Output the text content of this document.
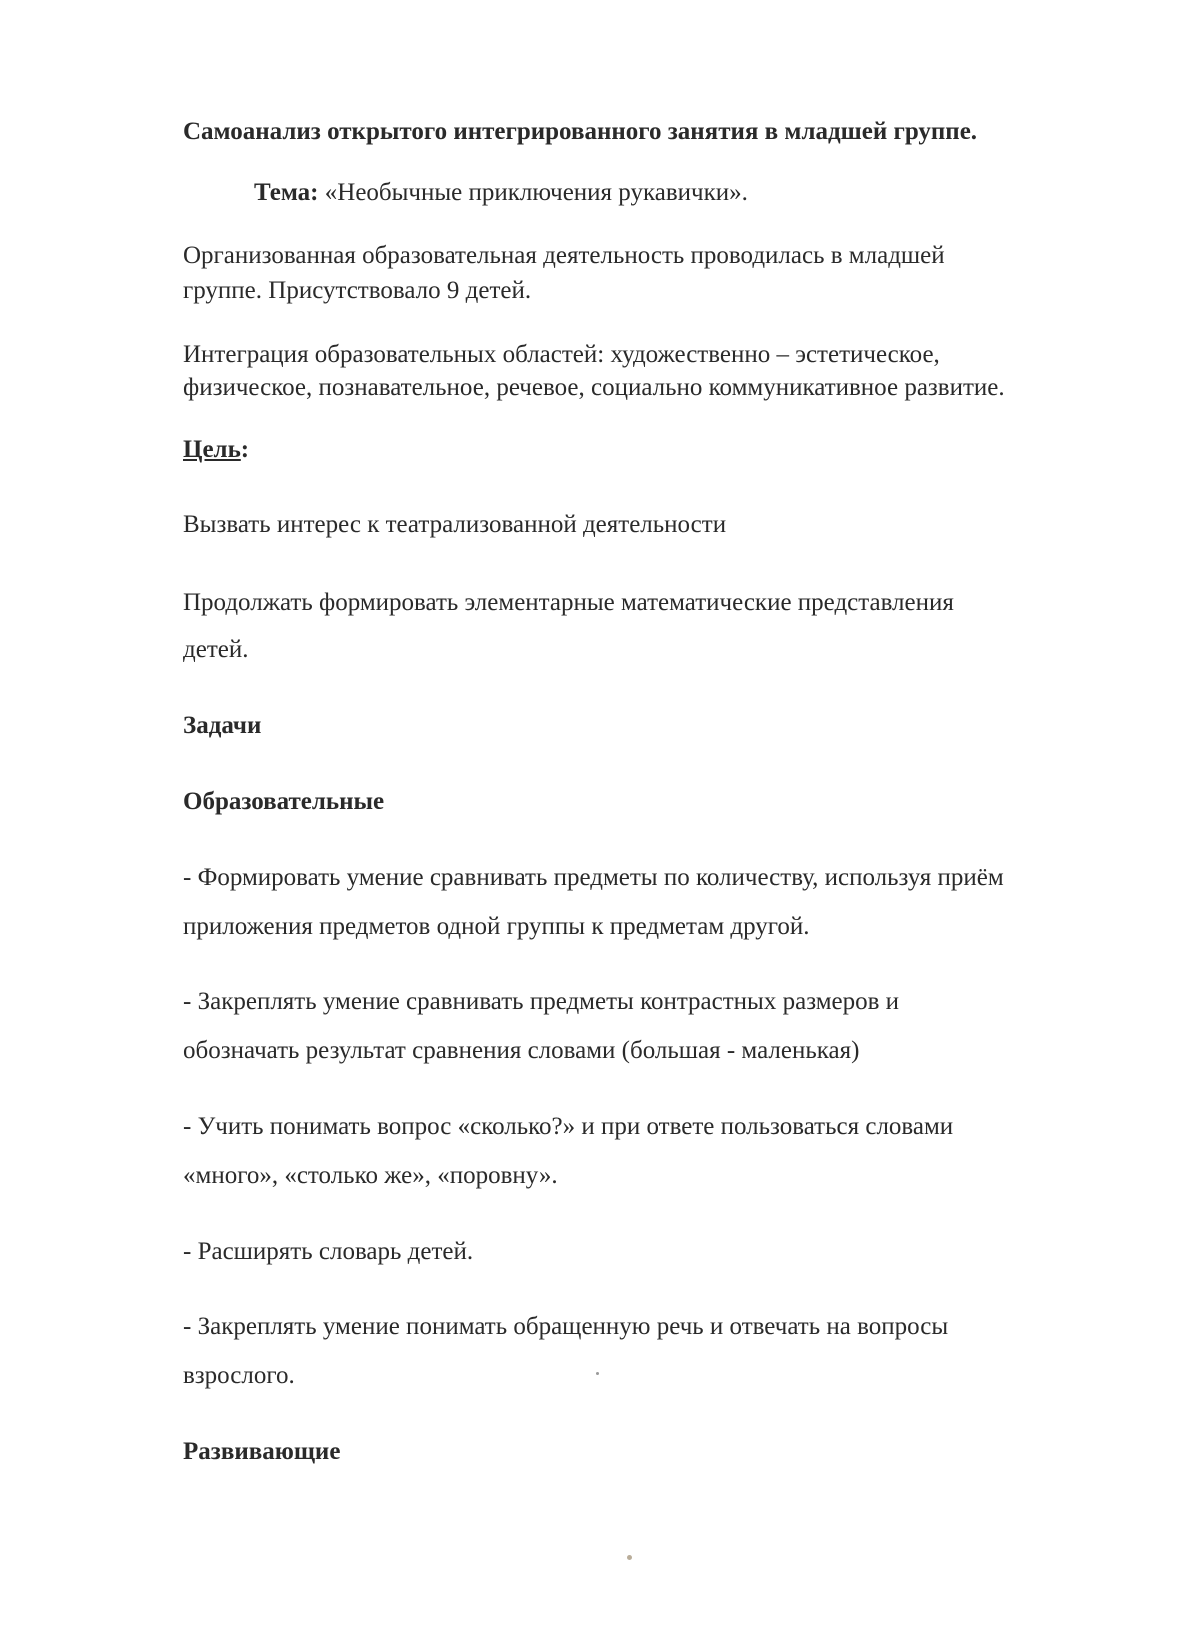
Самоанализ открытого интегрированного занятия в младшей группе.

Тема: «Необычные приключения рукавички».

Организованная образовательная деятельность проводилась в младшей

группе. Присутствовало 9 детей.

Интеграция образовательных областей: художественно – эстетическое,

физическое, познавательное, речевое, социально коммуникативное развитие.

Цель:

Вызвать интерес к театрализованной деятельности

Продолжать формировать элементарные математические представления

детей.

Задачи

Образовательные

- Формировать умение сравнивать предметы по количеству, используя приём

приложения предметов одной группы к предметам другой.

- Закреплять умение сравнивать предметы контрастных размеров и

обозначать результат сравнения словами (большая - маленькая)

- Учить понимать вопрос «сколько?» и при ответе пользоваться словами

«много», «столько же», «поровну».

- Расширять словарь детей.

- Закреплять умение понимать обращенную речь и отвечать на вопросы

взрослого.

Развивающие
